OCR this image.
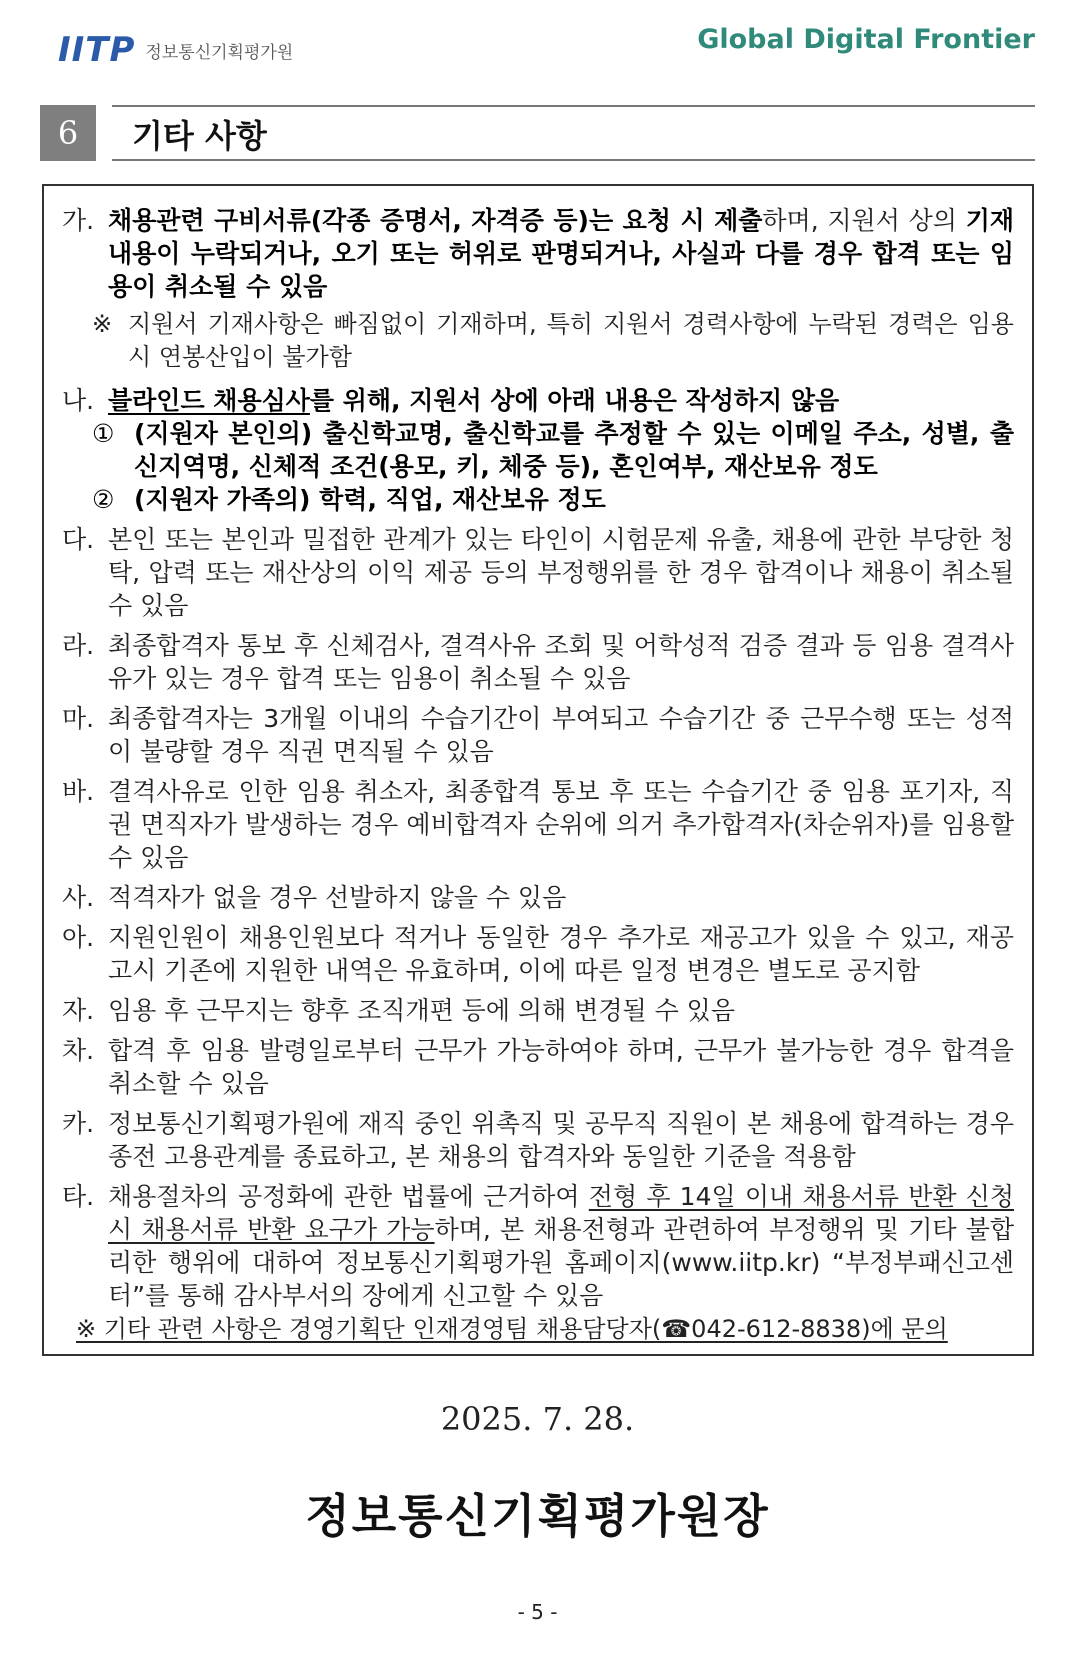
IITP 정보통신기획평가원	Global Digital Frontier
6	기타 사항
가. 채용관련 구비서류(각종 증명서, 자격증 등)는 요청 시 제출하며, 지원서 상의 기재내용이 누락되거나, 오기 또는 허위로 판명되거나, 사실과 다를 경우 합격 또는 임용이 취소될 수 있음
※ 지원서 기재사항은 빠짐없이 기재하며, 특히 지원서 경력사항에 누락된 경력은 임용 시 연봉산입이 불가함
나. 블라인드 채용심사를 위해, 지원서 상에 아래 내용은 작성하지 않음
① (지원자 본인의) 출신학교명, 출신학교를 추정할 수 있는 이메일 주소, 성별, 출신지역명, 신체적 조건(용모, 키, 체중 등), 혼인여부, 재산보유 정도
② (지원자 가족의) 학력, 직업, 재산보유 정도
다. 본인 또는 본인과 밀접한 관계가 있는 타인이 시험문제 유출, 채용에 관한 부당한 청탁, 압력 또는 재산상의 이익 제공 등의 부정행위를 한 경우 합격이나 채용이 취소될 수 있음
라. 최종합격자 통보 후 신체검사, 결격사유 조회 및 어학성적 검증 결과 등 임용 결격사유가 있는 경우 합격 또는 임용이 취소될 수 있음
마. 최종합격자는 3개월 이내의 수습기간이 부여되고 수습기간 중 근무수행 또는 성적이 불량할 경우 직권 면직될 수 있음
바. 결격사유로 인한 임용 취소자, 최종합격 통보 후 또는 수습기간 중 임용 포기자, 직권 면직자가 발생하는 경우 예비합격자 순위에 의거 추가합격자(차순위자)를 임용할 수 있음
사. 적격자가 없을 경우 선발하지 않을 수 있음
아. 지원인원이 채용인원보다 적거나 동일한 경우 추가로 재공고가 있을 수 있고, 재공고시 기존에 지원한 내역은 유효하며, 이에 따른 일정 변경은 별도로 공지함
자. 임용 후 근무지는 향후 조직개편 등에 의해 변경될 수 있음
차. 합격 후 임용 발령일로부터 근무가 가능하여야 하며, 근무가 불가능한 경우 합격을 취소할 수 있음
카. 정보통신기획평가원에 재직 중인 위촉직 및 공무직 직원이 본 채용에 합격하는 경우 종전 고용관계를 종료하고, 본 채용의 합격자와 동일한 기준을 적용함
타. 채용절차의 공정화에 관한 법률에 근거하여 전형 후 14일 이내 채용서류 반환 신청 시 채용서류 반환 요구가 가능하며, 본 채용전형과 관련하여 부정행위 및 기타 불합리한 행위에 대하여 정보통신기획평가원 홈페이지(www.iitp.kr) “부정부패신고센터”를 통해 감사부서의 장에게 신고할 수 있음
※ 기타 관련 사항은 경영기획단 인재경영팀 채용담당자(☎042-612-8838)에 문의
2025. 7. 28.
정보통신기획평가원장
- 5 -
